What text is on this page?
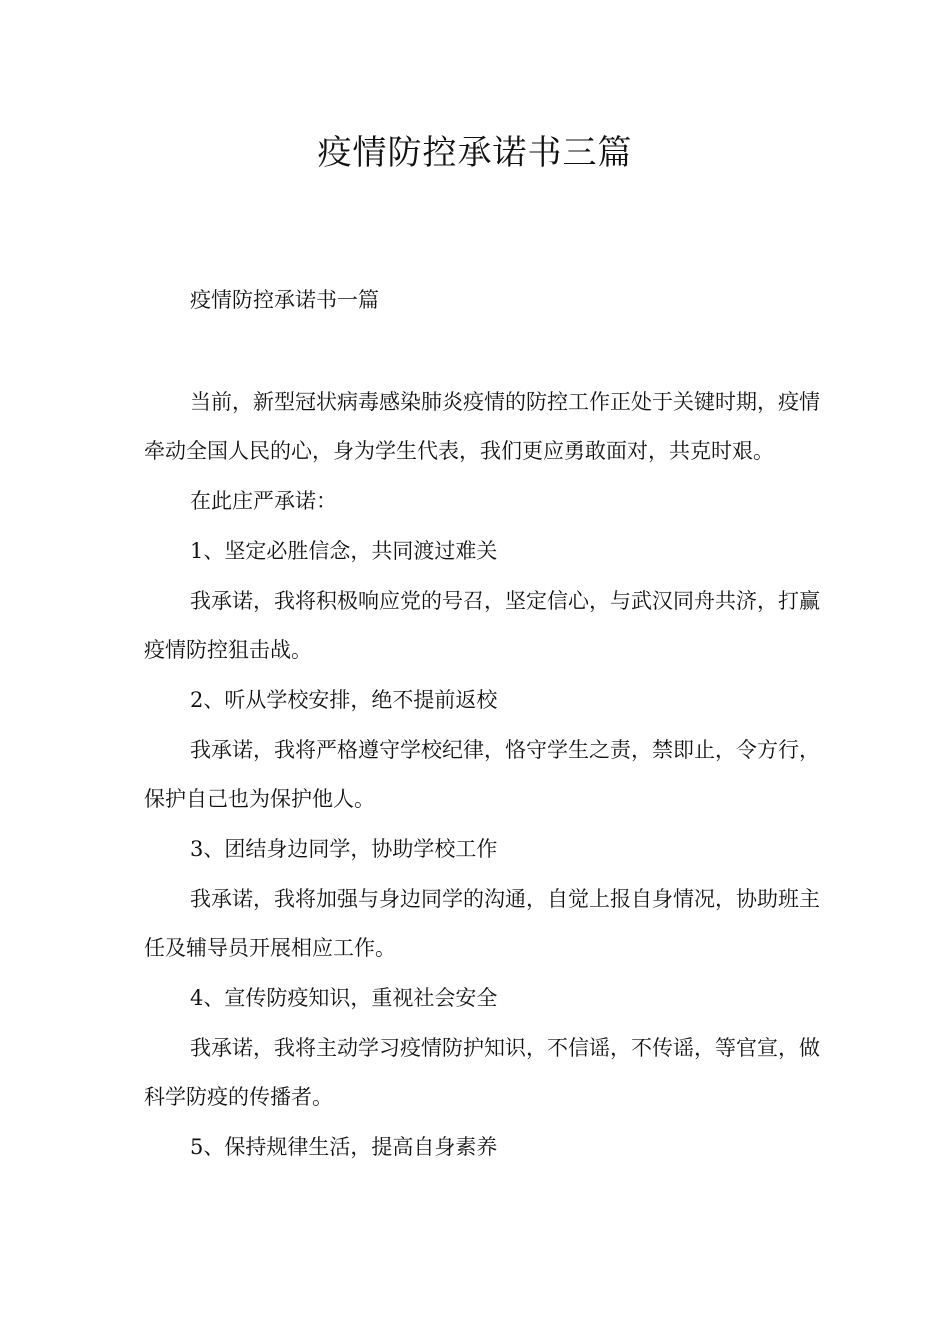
疫情防控承诺书三篇

疫情防控承诺书一篇

当前，新型冠状病毒感染肺炎疫情的防控工作正处于关键时期，疫情牵动全国人民的心，身为学生代表，我们更应勇敢面对，共克时艰。

在此庄严承诺：

1、坚定必胜信念，共同渡过难关

我承诺，我将积极响应党的号召，坚定信心，与武汉同舟共济，打赢疫情防控狙击战。

2、听从学校安排，绝不提前返校

我承诺，我将严格遵守学校纪律，恪守学生之责，禁即止，令方行，保护自己也为保护他人。

3、团结身边同学，协助学校工作

我承诺，我将加强与身边同学的沟通，自觉上报自身情况，协助班主任及辅导员开展相应工作。

4、宣传防疫知识，重视社会安全

我承诺，我将主动学习疫情防护知识，不信谣，不传谣，等官宣，做科学防疫的传播者。

5、保持规律生活，提高自身素养
